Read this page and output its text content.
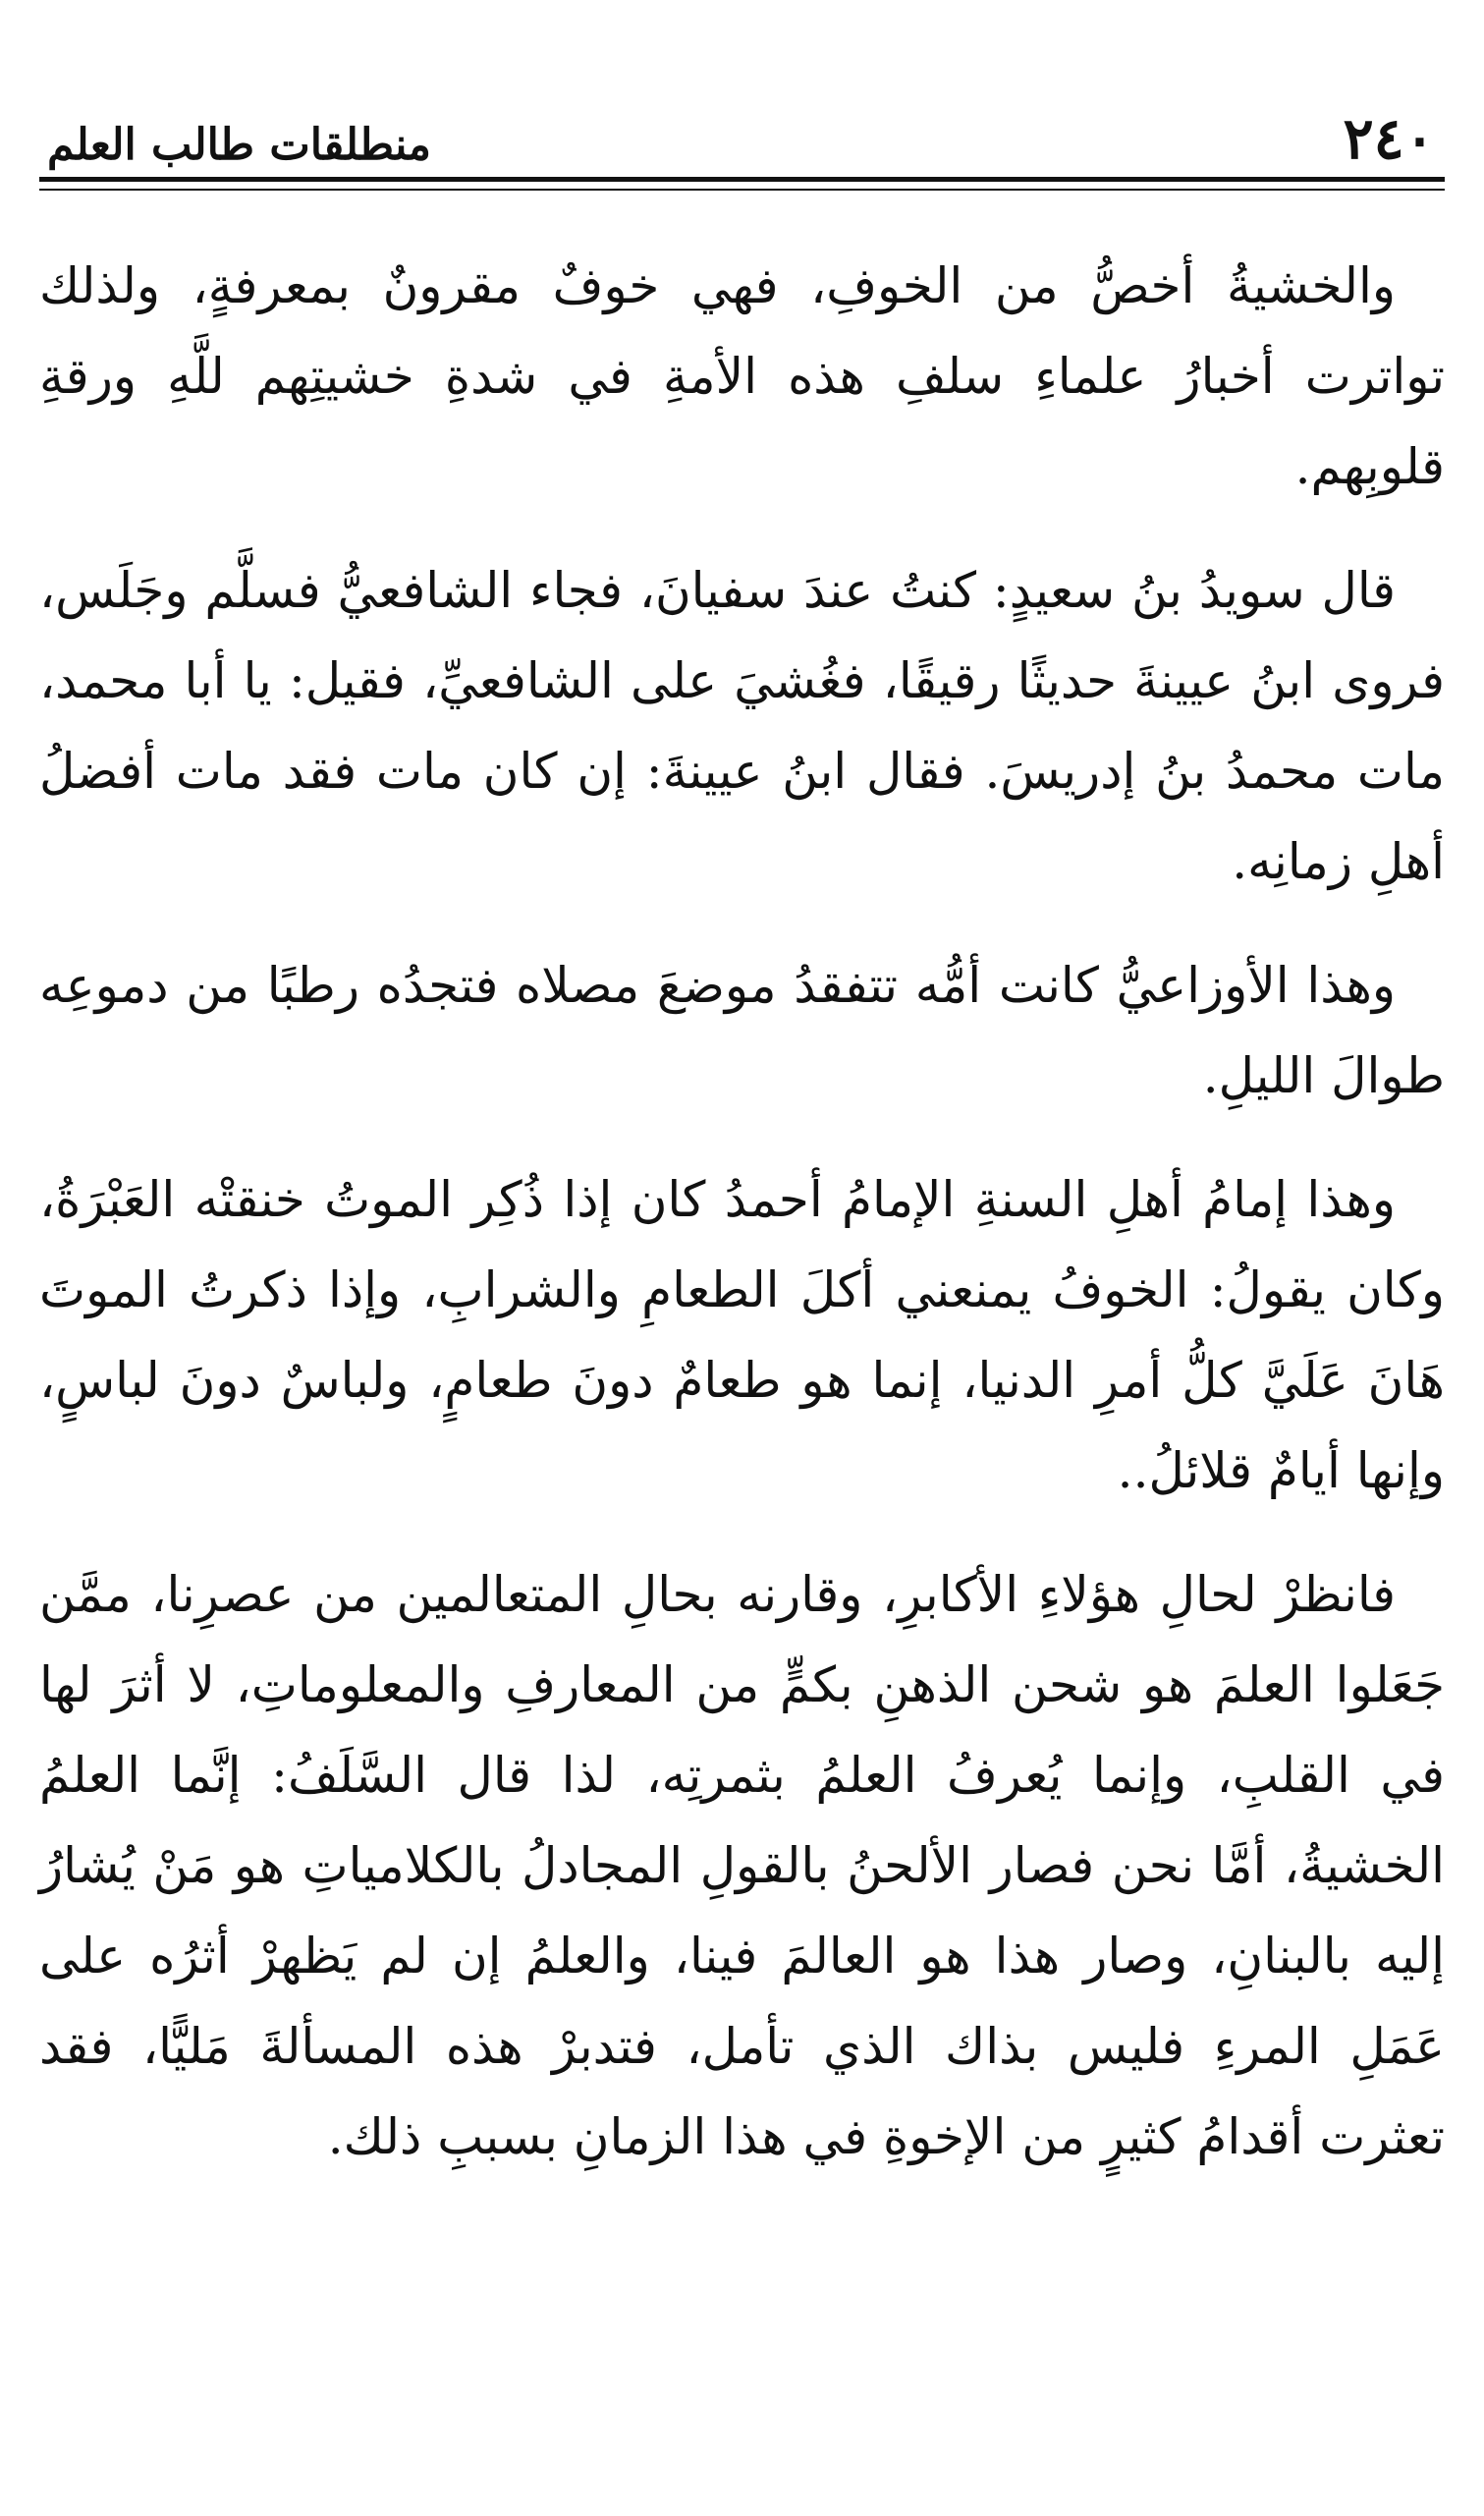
٢٤٠
منطلقات طالب العلم

والخشيةُ أخصُّ من الخوفِ، فهي خوفٌ مقرونٌ بمعرفةٍ، ولذلك تواترت أخبارُ علماءِ سلفِ هذه الأمةِ في شدةِ خشيتِهم للَّهِ ورقةِ قلوبِهم.

قال سويدُ بنُ سعيدٍ: كنتُ عندَ سفيانَ، فجاء الشافعيُّ فسلَّم وجَلَس، فروى ابنُ عيينةَ حديثًا رقيقًا، فغُشيَ على الشافعيِّ، فقيل: يا أبا محمد، مات محمدُ بنُ إدريسَ. فقال ابنُ عيينةَ: إن كان مات فقد مات أفضلُ أهلِ زمانِه.

وهذا الأوزاعيُّ كانت أمُّه تتفقدُ موضعَ مصلاه فتجدُه رطبًا من دموعِه طوالَ الليلِ.

وهذا إمامُ أهلِ السنةِ الإمامُ أحمدُ كان إذا ذُكِر الموتُ خنقتْه العَبْرَةُ، وكان يقولُ: الخوفُ يمنعني أكلَ الطعامِ والشرابِ، وإذا ذكرتُ الموتَ هَانَ عَلَيَّ كلُّ أمرِ الدنيا، إنما هو طعامٌ دونَ طعامٍ، ولباسٌ دونَ لباسٍ، وإنها أيامٌ قلائلُ..

فانظرْ لحالِ هؤلاءِ الأكابرِ، وقارنه بحالِ المتعالمين من عصرِنا، ممَّن جَعَلوا العلمَ هو شحن الذهنِ بكمٍّ من المعارفِ والمعلوماتِ، لا أثرَ لها في القلبِ، وإنما يُعرفُ العلمُ بثمرتِه، لذا قال السَّلَفُ: إنَّما العلمُ الخشيةُ، أمَّا نحن فصار الألحنُ بالقولِ المجادلُ بالكلامياتِ هو مَنْ يُشارُ إليه بالبنانِ، وصار هذا هو العالمَ فينا، والعلمُ إن لم يَظهرْ أثرُه على عَمَلِ المرءِ فليس بذاك الذي تأمل، فتدبرْ هذه المسألةَ مَليًّا، فقد تعثرت أقدامُ كثيرٍ من الإخوةِ في هذا الزمانِ بسببِ ذلك.
